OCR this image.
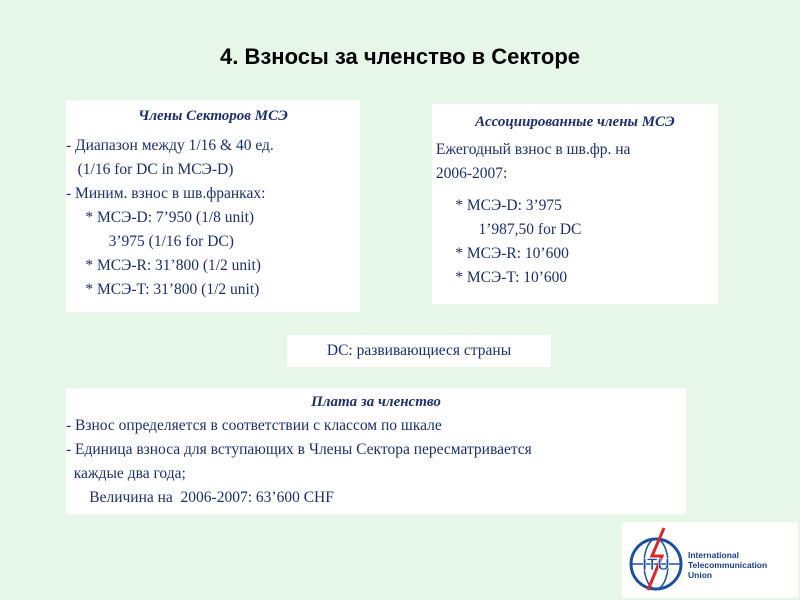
4. Взносы за членство в Секторе
Члены Секторов МСЭ
- Диапазон между 1/16 & 40 ед.
(1/16 for DC in МСЭ-D)
- Миним. взнос в шв.франках:
* МСЭ-D: 7’950 (1/8 unit)
3’975 (1/16 for DC)
* МСЭ-R: 31’800 (1/2 unit)
* МСЭ-T: 31’800 (1/2 unit)
Ассоциированные члены МСЭ
Ежегодный взнос в шв.фр. на
2006-2007:
* МСЭ-D: 3’975
1’987,50 for DC
* МСЭ-R: 10’600
* МСЭ-T: 10’600
DC: развивающиеся страны
Плата за членство
- Взнос определяется в соответствии с классом по шкале
- Единица взноса для вступающих в Члены Сектора пересматривается
каждые два года;
Величина на  2006-2007: 63’600 CHF
ITU International
Telecommunication
Union
